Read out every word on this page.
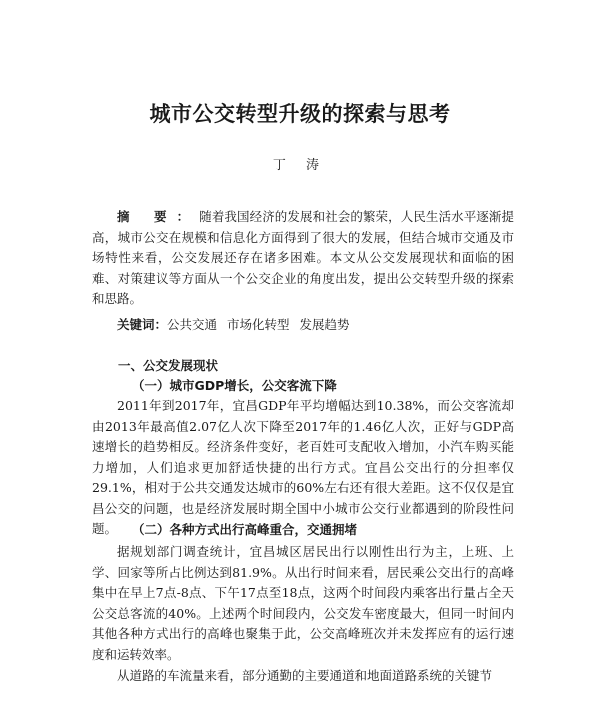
城市公交转型升级的探索与思考
丁 涛

摘 要：随着我国经济的发展和社会的繁荣，人民生活水平逐渐提高，城市公交在规模和信息化方面得到了很大的发展，但结合城市交通及市场特性来看，公交发展还存在诸多困难。本文从公交发展现状和面临的困难、对策建议等方面从一个公交企业的角度出发，提出公交转型升级的探索和思路。

关键词：公共交通 市场化转型 发展趋势

一、公交发展现状
（一）城市GDP增长，公交客流下降

2011年到2017年，宜昌GDP年平均增幅达到10.38%，而公交客流却由2013年最高值2.07亿人次下降至2017年的1.46亿人次，正好与GDP高速增长的趋势相反。经济条件变好，老百姓可支配收入增加，小汽车购买能力增加，人们追求更加舒适快捷的出行方式。宜昌公交出行的分担率仅29.1%，相对于公共交通发达城市的60%左右还有很大差距。这不仅仅是宜昌公交的问题，也是经济发展时期全国中小城市公交行业都遇到的阶段性问题。	（二）各种方式出行高峰重合，交通拥堵

据规划部门调查统计，宜昌城区居民出行以刚性出行为主，上班、上学、回家等所占比例达到81.9%。从出行时间来看，居民乘公交出行的高峰集中在早上7点-8点、下午17点至18点，这两个时间段内乘客出行量占全天公交总客流的40%。上述两个时间段内，公交发车密度最大，但同一时间内其他各种方式出行的高峰也聚集于此，公交高峰班次并未发挥应有的运行速度和运转效率。

从道路的车流量来看，部分通勤的主要通道和地面道路系统的关键节
